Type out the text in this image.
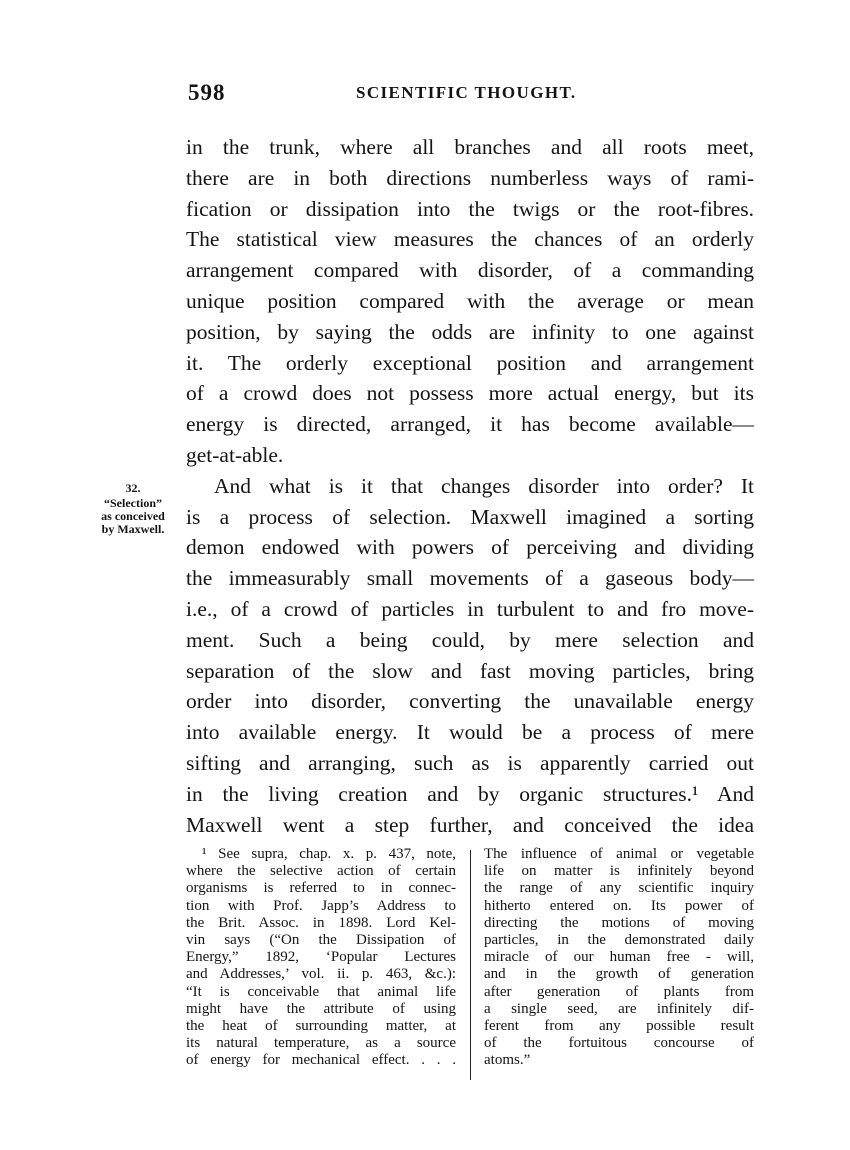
598	SCIENTIFIC THOUGHT.
32.
“Selection”
as conceived
by Maxwell.
in the trunk, where all branches and all roots meet,
there are in both directions numberless ways of rami-
fication or dissipation into the twigs or the root-fibres.
The statistical view measures the chances of an orderly
arrangement compared with disorder, of a commanding
unique position compared with the average or mean
position, by saying the odds are infinity to one against
it. The orderly exceptional position and arrangement
of a crowd does not possess more actual energy, but its
energy is directed, arranged, it has become available—
get-at-able.
And what is it that changes disorder into order? It
is a process of selection. Maxwell imagined a sorting
demon endowed with powers of perceiving and dividing
the immeasurably small movements of a gaseous body—
i.e., of a crowd of particles in turbulent to and fro move-
ment. Such a being could, by mere selection and
separation of the slow and fast moving particles, bring
order into disorder, converting the unavailable energy
into available energy. It would be a process of mere
sifting and arranging, such as is apparently carried out
in the living creation and by organic structures.¹ And
Maxwell went a step further, and conceived the idea
¹ See supra, chap. x. p. 437, note,
where the selective action of certain
organisms is referred to in connec-
tion with Prof. Japp’s Address to
the Brit. Assoc. in 1898. Lord Kel-
vin says (“On the Dissipation of
Energy,” 1892, ‘Popular Lectures
and Addresses,’ vol. ii. p. 463, &c.):
“It is conceivable that animal life
might have the attribute of using
the heat of surrounding matter, at
its natural temperature, as a source
of energy for mechanical effect. . . .
The influence of animal or vegetable
life on matter is infinitely beyond
the range of any scientific inquiry
hitherto entered on. Its power of
directing the motions of moving
particles, in the demonstrated daily
miracle of our human free - will,
and in the growth of generation
after generation of plants from
a single seed, are infinitely dif-
ferent from any possible result
of the fortuitous concourse of
atoms.”
